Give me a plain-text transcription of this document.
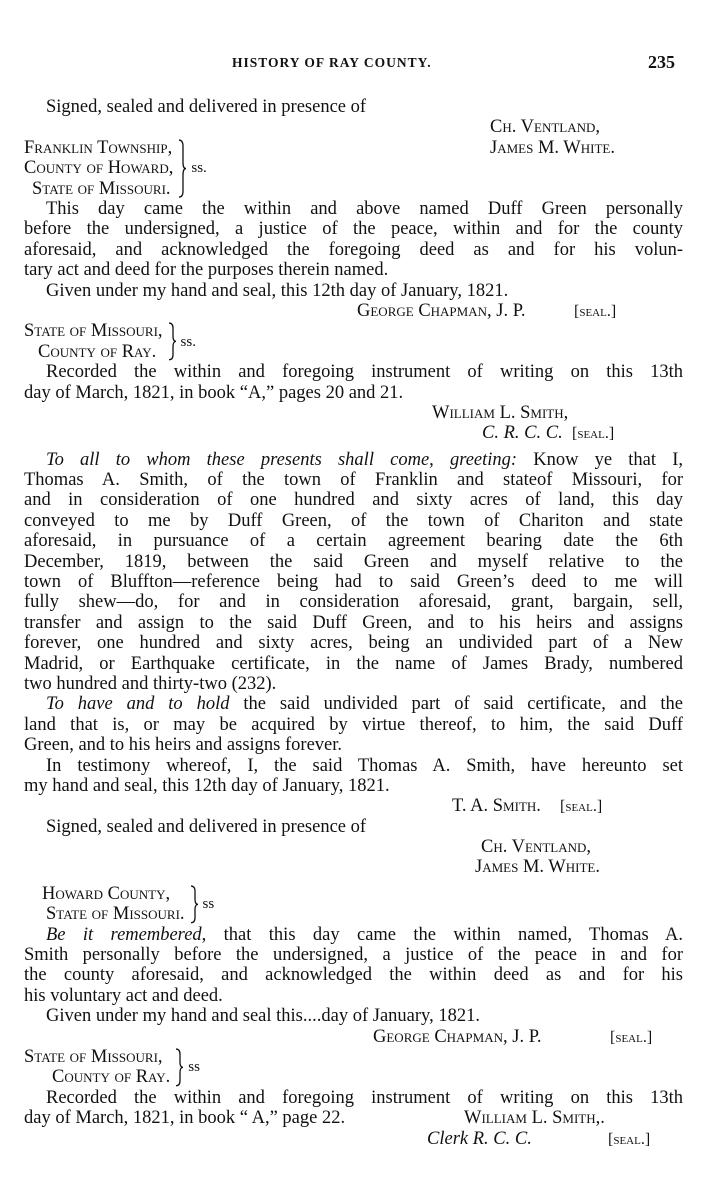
HISTORY OF RAY COUNTY.	235
Signed, sealed and delivered in presence of
Ch. Ventland,
Franklin Township,
County of Howard,
State of Missouri.
ss.
James M. White.
This day came the within and above named Duff Green personally
before the undersigned, a justice of the peace, within and for the county
aforesaid, and acknowledged the foregoing deed as and for his volun-
tary act and deed for the purposes therein named.
Given under my hand and seal, this 12th day of January, 1821.
George Chapman, J. P.	[seal.]
State of Missouri,
County of Ray.	ss.
Recorded the within and foregoing instrument of writing on this 13th
day of March, 1821, in book “A,” pages 20 and 21.
William L. Smith,
C. R. C. C. [seal.]
To all to whom these presents shall come, greeting: Know ye that I,
Thomas A. Smith, of the town of Franklin and stateof Missouri, for
and in consideration of one hundred and sixty acres of land, this day
conveyed to me by Duff Green, of the town of Chariton and state
aforesaid, in pursuance of a certain agreement bearing date the 6th
December, 1819, between the said Green and myself relative to the
town of Bluffton—reference being had to said Green’s deed to me will
fully shew—do, for and in consideration aforesaid, grant, bargain, sell,
transfer and assign to the said Duff Green, and to his heirs and assigns
forever, one hundred and sixty acres, being an undivided part of a New
Madrid, or Earthquake certificate, in the name of James Brady, numbered
two hundred and thirty-two (232).
To have and to hold the said undivided part of said certificate, and the
land that is, or may be acquired by virtue thereof, to him, the said Duff
Green, and to his heirs and assigns forever.
In testimony whereof, I, the said Thomas A. Smith, have hereunto set
my hand and seal, this 12th day of January, 1821.
T. A. Smith. [seal.]
Signed, sealed and delivered in presence of
Ch. Ventland,
James M. White.
Howard County,
State of Missouri. ss
Be it remembered, that this day came the within named, Thomas A.
Smith personally before the undersigned, a justice of the peace in and for
the county aforesaid, and acknowledged the within deed as and for his
his voluntary act and deed.
Given under my hand and seal this....day of January, 1821.
George Chapman, J. P.	[seal.]
State of Missouri,
County of Ray. ss
Recorded the within and foregoing instrument of writing on this 13th
day of March, 1821, in book “ A,” page 22.	William L. Smith,.
Clerk R. C. C.	[seal.]
